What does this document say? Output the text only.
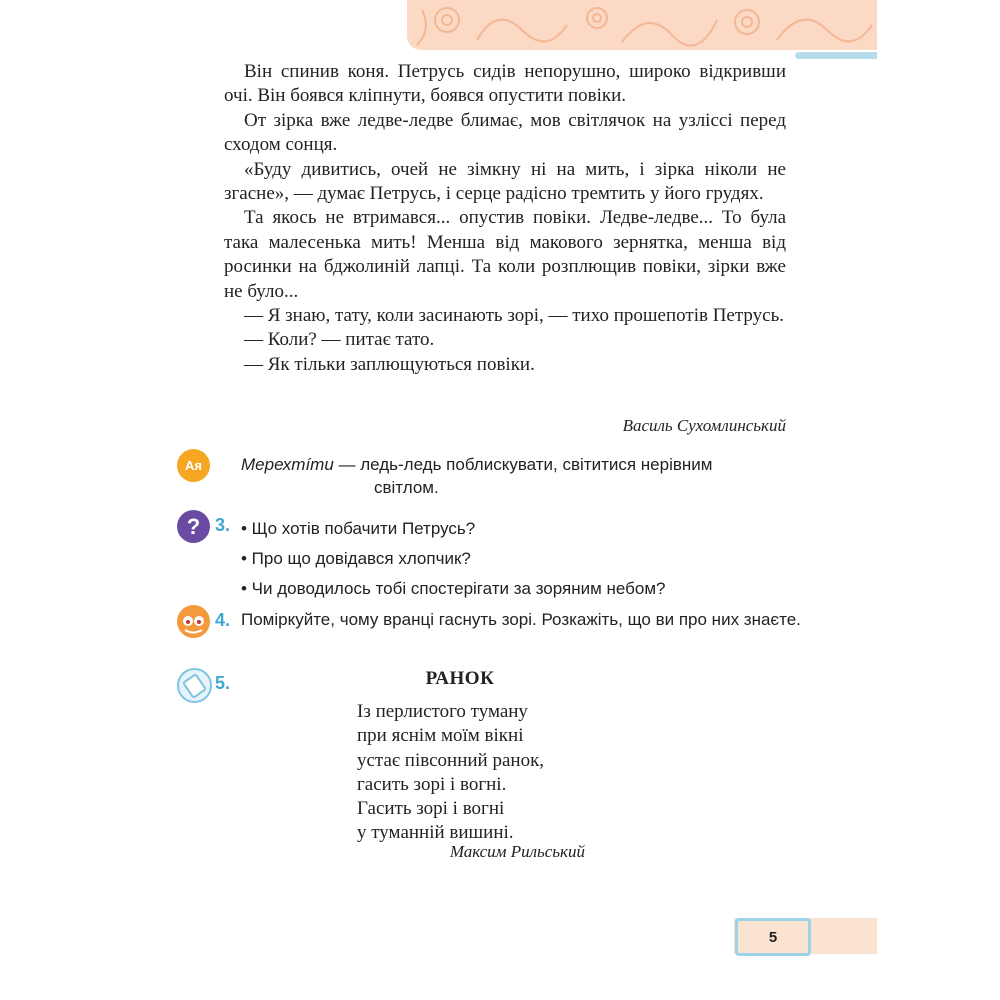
Він спинив коня. Петрусь сидів непорушно, широко відкривши очі. Він боявся кліпнути, боявся опустити повіки.

От зірка вже ледве-ледве блимає, мов світлячок на узліссі перед сходом сонця.

«Буду дивитись, очей не зімкну ні на мить, і зірка ніколи не згасне», — думає Петрусь, і серце радісно тремтить у його грудях.

Та якось не втримався... опустив повіки. Ледве-ледве... То була така малесенька мить! Менша від макового зернятка, менша від росинки на бджолиній лапці. Та коли розплющив повіки, зірки вже не було...

— Я знаю, тату, коли засинають зорі, — тихо прошепотів Петрусь.

— Коли? — питає тато.

— Як тільки заплющуються повіки.

Василь Сухомлинський
Ая Мерехтíти — ледь-ледь поблискувати, світитися нерівним
світлом.
? 3. • Що хотів побачити Петрусь?
• Про що довідався хлопчик?
• Чи доводилось тобі спостерігати за зоряним небом?
4. Поміркуйте, чому вранці гаснуть зорі. Розкажіть, що ви про них знаєте.
5.	РАНОК
Із перлистого туману
при яснім моїм вікні
устає півсонний ранок,
гасить зорі і вогні.
Гасить зорі і вогні
у туманній вишині.
Максим Рильський
5
